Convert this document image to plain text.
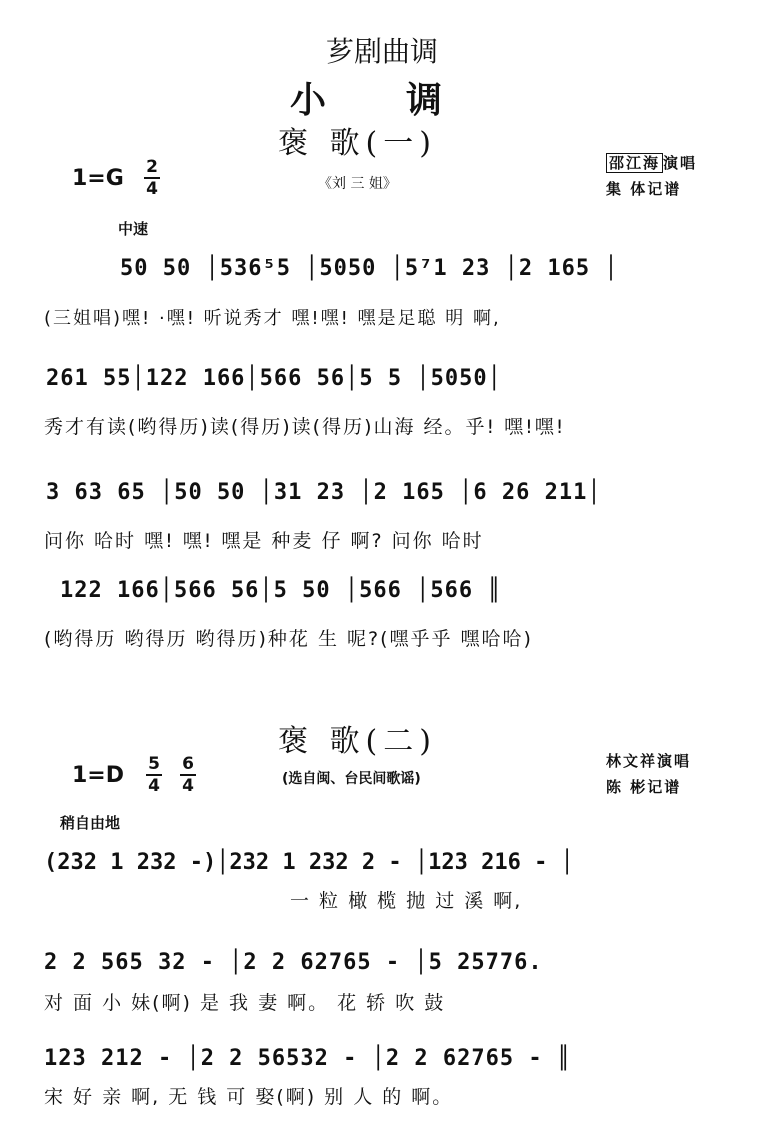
芗剧曲调
小调
褒 歌(一)
1=G 2
4	《刘 三 姐》
邵江海 演唱
集 体记谱
中速
50 50 │536⁵5 │5050 │5⁷1 23 │2 165 │
(三姐唱)嘿! ·嘿! 听说秀才 嘿!嘿! 嘿是足聪 明 啊,
261 55│122 166│566 56│5 5 │5050│
秀才有读(哟得历)读(得历)读(得历)山海 经。乎! 嘿!嘿!
3 63 65 │50 50 │31 23 │2 165 │6 26 211│
问你 哈时 嘿! 嘿! 嘿是 种麦 仔 啊? 问你 哈时
122 166│566 56│5 50 │566 │566 ║
(哟得历 哟得历 哟得历)种花 生 呢?(嘿乎乎 嘿哈哈)
褒 歌(二)
1=D 5
4
6
4	(选自闽、台民间歌谣)
林文祥演唱
陈 彬记谱
稍自由地
(232 1 232 -)│232 1 232 2 - │123 216 - │
一 粒 橄 榄 抛 过 溪 啊,
2 2 565 32 - │2 2 62765 - │5 25776.
对 面 小 妹(啊) 是 我 妻 啊。 花 轿 吹 鼓
123 212 - │2 2 56532 - │2 2 62765 - ║
宋 好 亲 啊, 无 钱 可 娶(啊) 别 人 的 啊。
